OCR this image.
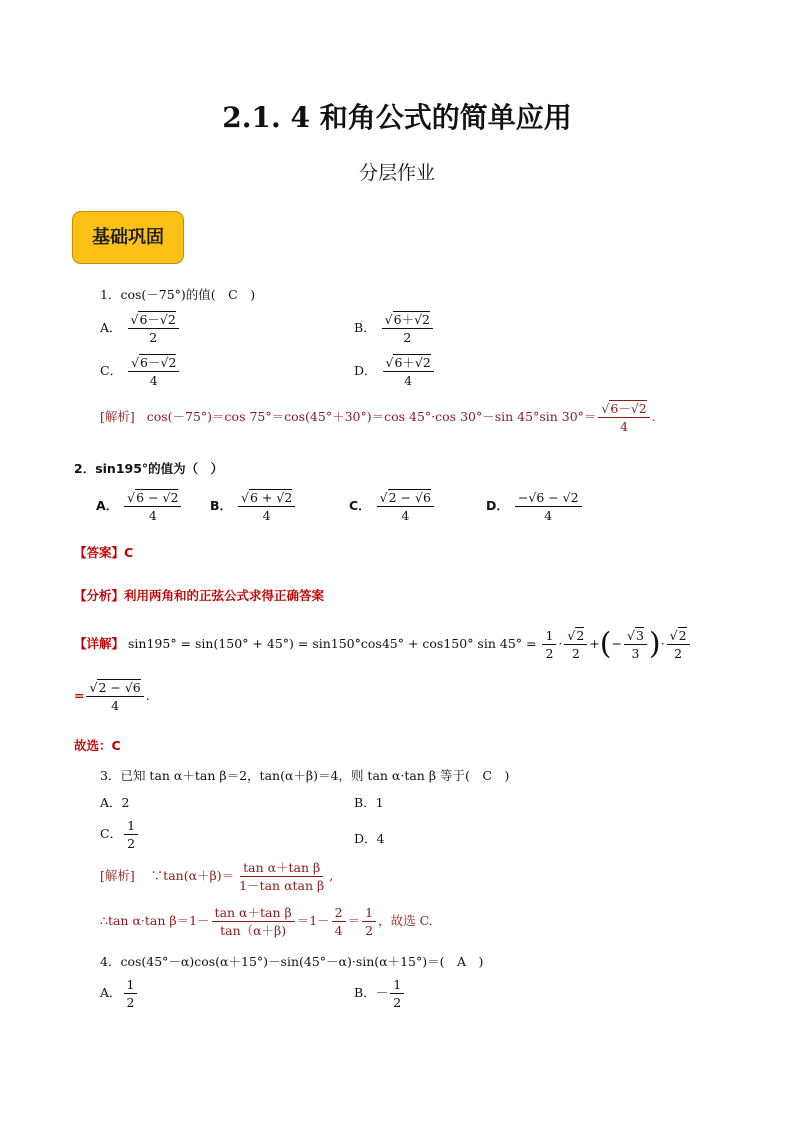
2.1. 4 和角公式的简单应用
分层作业
基础巩固
1．cos(－75°)的值(　C　)
A． $\frac{√6-√2}{2}$	B． $\frac{√6+√2}{2}$
C． $\frac{√6-√2}{4}$	D． $\frac{√6+√2}{4}$
[解析] cos(－75°)＝cos 75°＝cos(45°＋30°)＝cos 45°·cos 30°－sin 45°sin $30^\circ= \frac{√6-√2}{4}$ .
2．sin195°的值为（　）
A． $\frac{√6 - √2}{4}$ B． $\frac{√6 + √2}{4}$	C． $\frac{√2 - √6}{4}$	D． $\frac{-√6 - √2}{4}$
【答案】C
【分析】利用两角和的正弦公式求得正确答案
【详解】 sin195° = sin(150° + 45°) = sin150°cos45° + cos150° $\sin 45^\circ = \frac{1}{2} \cdot \frac{√2}{2}$ +(− $\frac{√3}{3}$ )· $\frac{√2}{2}$
= $\frac{√2 - √6}{4}$ .
故选：C
3．已知 tan α＋tan β＝2，tan(α＋β)＝4，则 tan α·tan β 等于(　C　)
A．2	B．1
C． $\frac{1}{2}$	D．4
[解析] ∵tan(α＋β)＝ $\frac{\text{tan α＋tan β}}{\text{1－tan αtan β}}$ ,
∴tan α·tan $\beta=1- \frac{\text{tan α＋tan β}}{\tan(\alpha+\beta)} =1- \frac{2}{4} = \frac{1}{2}$ ，故选 C.
4．cos(45°－α)cos(α＋15°)－sin(45°－α)·sin(α＋15°)＝(　A　)
A． $\frac{1}{2}$	B．－ $\frac{1}{2}$
